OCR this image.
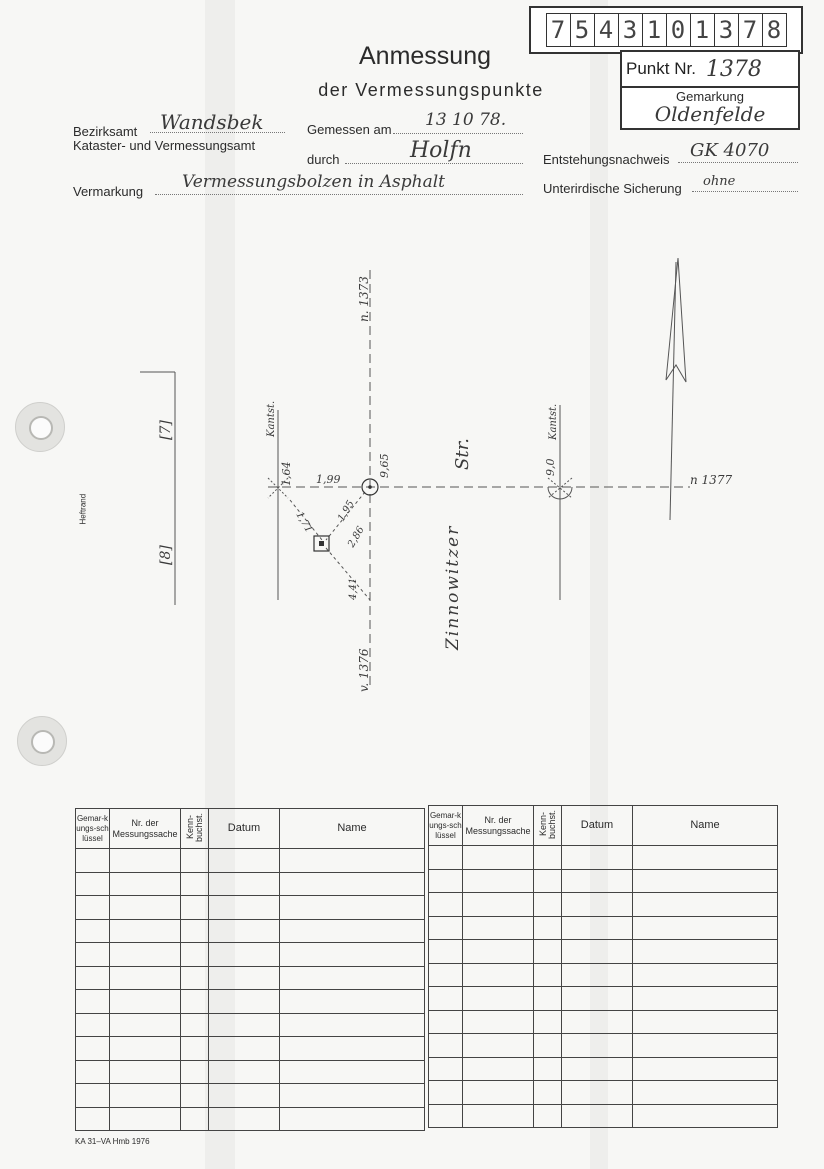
7 5 4 3 1 0 1 3 7 8
Anmessung
der Vermessungspunkte
Punkt Nr. 1378
Gemarkung
Oldenfelde
Bezirksamt Wandsbek
Kataster- und Vermessungsamt
Gemessen am 13 10 78.
durch	Holfn	Entstehungsnachweis GK 4070
Vermarkung Vermessungsbolzen in Asphalt	Unterirdische Sicherung ohne
Heftrand
n. 1373
n 1377
v. 1376
Kantst.	Kantst.
1,64 1,99
9,65	9,0
1,71 1,95
2,86
4,41
Str.
Zinnowitzer
[7]
[8]
Gemar-kungs-schlüssel	Nr. der Messungssache	Kenn-buchst.	Datum	Name

Gemar-kungs-schlüssel	Nr. der Messungssache	Kenn-buchst.	Datum	Name

KA 31–VA Hmb 1976
